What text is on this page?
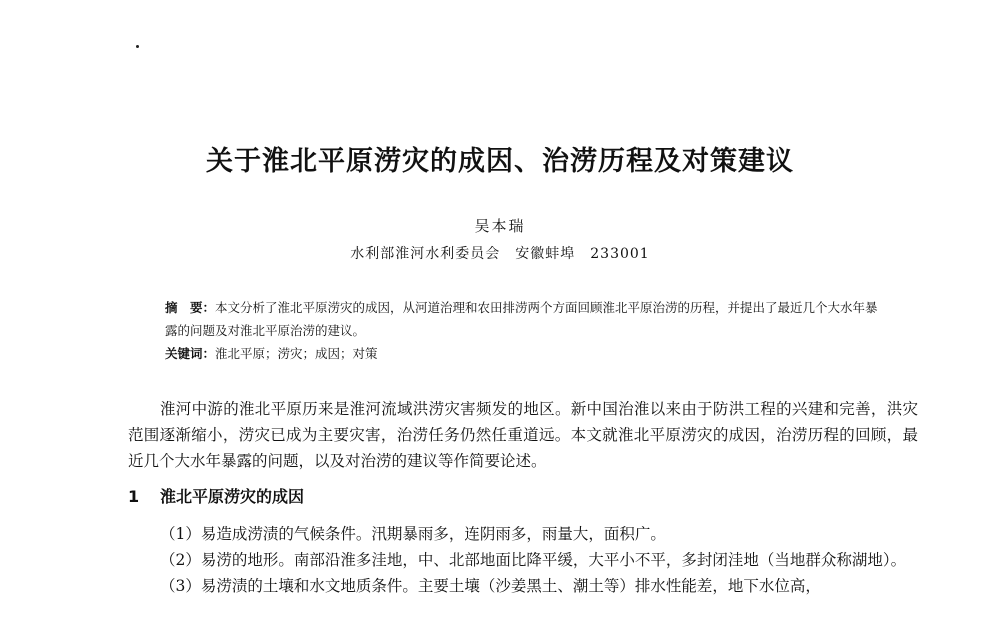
关于淮北平原涝灾的成因、治涝历程及对策建议
吴本瑞
水利部淮河水利委员会　安徽蚌埠　233001
摘　要：本文分析了淮北平原涝灾的成因，从河道治理和农田排涝两个方面回顾淮北平原治涝的历程，并提出了最近几个大水年暴露的问题及对淮北平原治涝的建议。
关键词：淮北平原；涝灾；成因；对策
淮河中游的淮北平原历来是淮河流域洪涝灾害频发的地区。新中国治淮以来由于防洪工程的兴建和完善，洪灾范围逐渐缩小，涝灾已成为主要灾害，治涝任务仍然任重道远。本文就淮北平原涝灾的成因，治涝历程的回顾，最近几个大水年暴露的问题，以及对治涝的建议等作简要论述。
1 淮北平原涝灾的成因

（1）易造成涝渍的气候条件。汛期暴雨多，连阴雨多，雨量大，面积广。

（2）易涝的地形。南部沿淮多洼地，中、北部地面比降平缓，大平小不平，多封闭洼地（当地群众称湖地）。

（3）易涝渍的土壤和水文地质条件。主要土壤（沙姜黑土、潮土等）排水性能差，地下水位高，
